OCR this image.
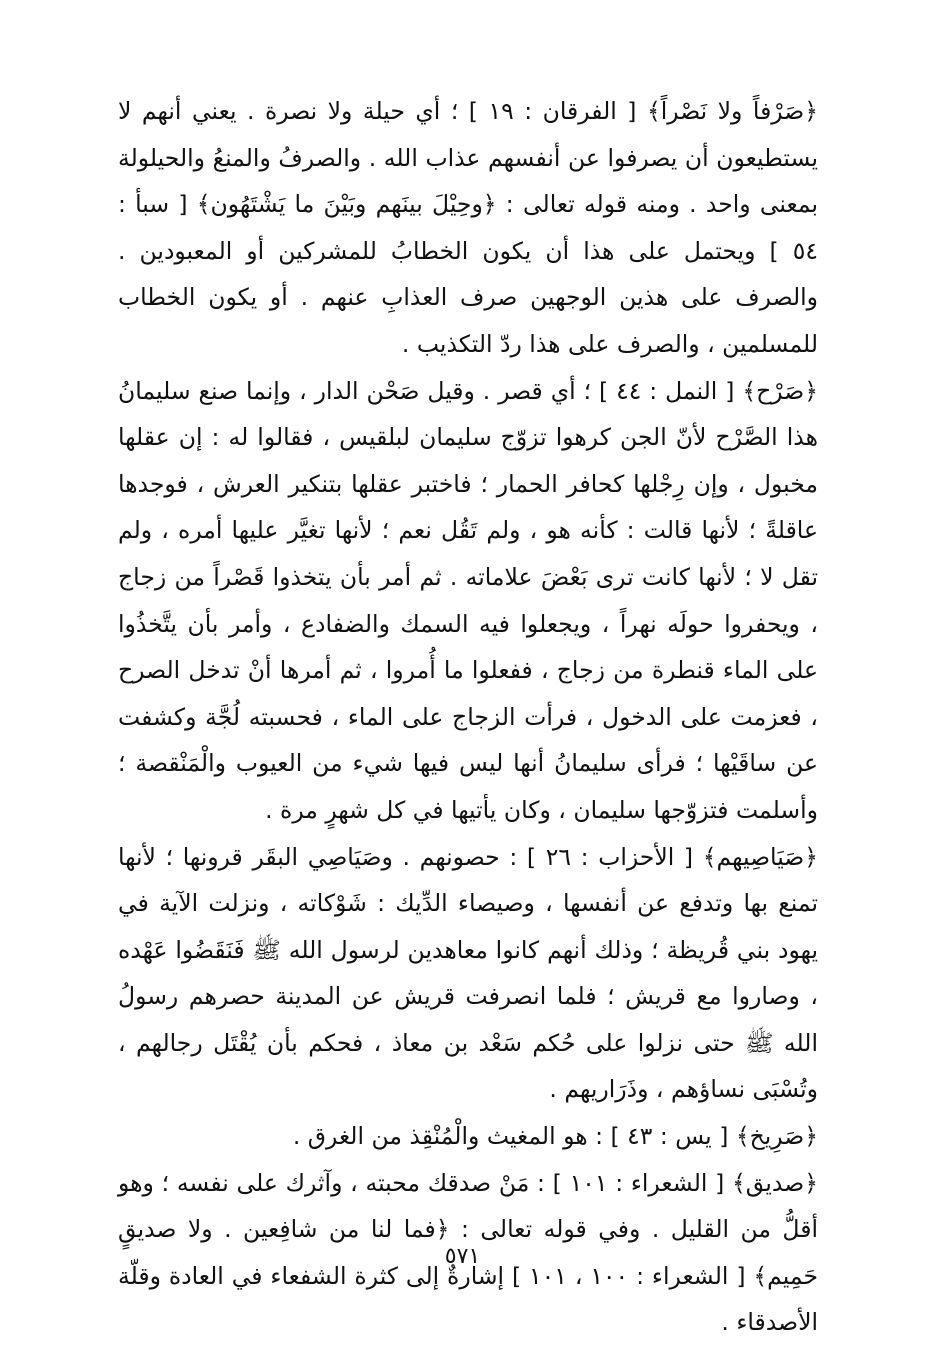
﴿صَرْفاً ولا نَصْراً﴾ [ الفرقان : ١٩ ] ؛ أي حيلة ولا نصرة . يعني أنهم لا يستطيعون أن يصرفوا عن أنفسهم عذاب الله . والصرفُ والمنعُ والحيلولة بمعنى واحد . ومنه قوله تعالى : ﴿وحِيْلَ بينَهم وبَيْنَ ما يَشْتَهُون﴾ [ سبأ : ٥٤ ] ويحتمل على هذا أن يكون الخطابُ للمشركين أو المعبودين . والصرف على هذين الوجهين صرف العذابِ عنهم . أو يكون الخطاب للمسلمين ، والصرف على هذا ردّ التكذيب .

﴿صَرْح﴾ [ النمل : ٤٤ ] ؛ أي قصر . وقيل صَحْن الدار ، وإنما صنع سليمانُ هذا الصَّرْح لأنّ الجن كرهوا تزوّج سليمان لبلقيس ، فقالوا له : إن عقلها مخبول ، وإن رِجْلها كحافر الحمار ؛ فاختبر عقلها بتنكير العرش ، فوجدها عاقلةً ؛ لأنها قالت : كأنه هو ، ولم تَقُل نعم ؛ لأنها تغيَّر عليها أمره ، ولم تقل لا ؛ لأنها كانت ترى بَعْضَ علاماته . ثم أمر بأن يتخذوا قَصْراً من زجاج ، ويحفروا حولَه نهراً ، ويجعلوا فيه السمك والضفادع ، وأمر بأن يتَّخذُوا على الماء قنطرة من زجاج ، ففعلوا ما أُمروا ، ثم أمرها أنْ تدخل الصرح ، فعزمت على الدخول ، فرأت الزجاج على الماء ، فحسبته لُجَّة وكشفت عن ساقَيْها ؛ فرأى سليمانُ أنها ليس فيها شيء من العيوب والْمَنْقصة ؛ وأسلمت فتزوّجها سليمان ، وكان يأتيها في كل شهرٍ مرة .

﴿صَيَاصِيهم﴾ [ الأحزاب : ٢٦ ] : حصونهم . وصَيَاصِي البقَر قرونها ؛ لأنها تمنع بها وتدفع عن أنفسها ، وصيصاء الدِّيك : شَوْكاته ، ونزلت الآية في يهود بني قُريظة ؛ وذلك أنهم كانوا معاهدين لرسول الله ﷺ فَنَقَضُوا عَهْده ، وصاروا مع قريش ؛ فلما انصرفت قريش عن المدينة حصرهم رسولُ الله ﷺ حتى نزلوا على حُكم سَعْد بن معاذ ، فحكم بأن يُقْتَل رجالهم ، وتُسْبَى نساؤهم ، وذَرَاريهم .

﴿صَرِيخ﴾ [ يس : ٤٣ ] : هو المغيث والْمُنْقِذ من الغرق .

﴿صديق﴾ [ الشعراء : ١٠١ ] : مَنْ صدقك محبته ، وآثرك على نفسه ؛ وهو أقلُّ من القليل . وفي قوله تعالى : ﴿فما لنا من شافِعين . ولا صديقٍ حَمِيم﴾ [ الشعراء : ١٠٠ ، ١٠١ ] إشارةٌ إلى كثرة الشفعاء في العادة وقلّة الأصدقاء .

٥٧١
